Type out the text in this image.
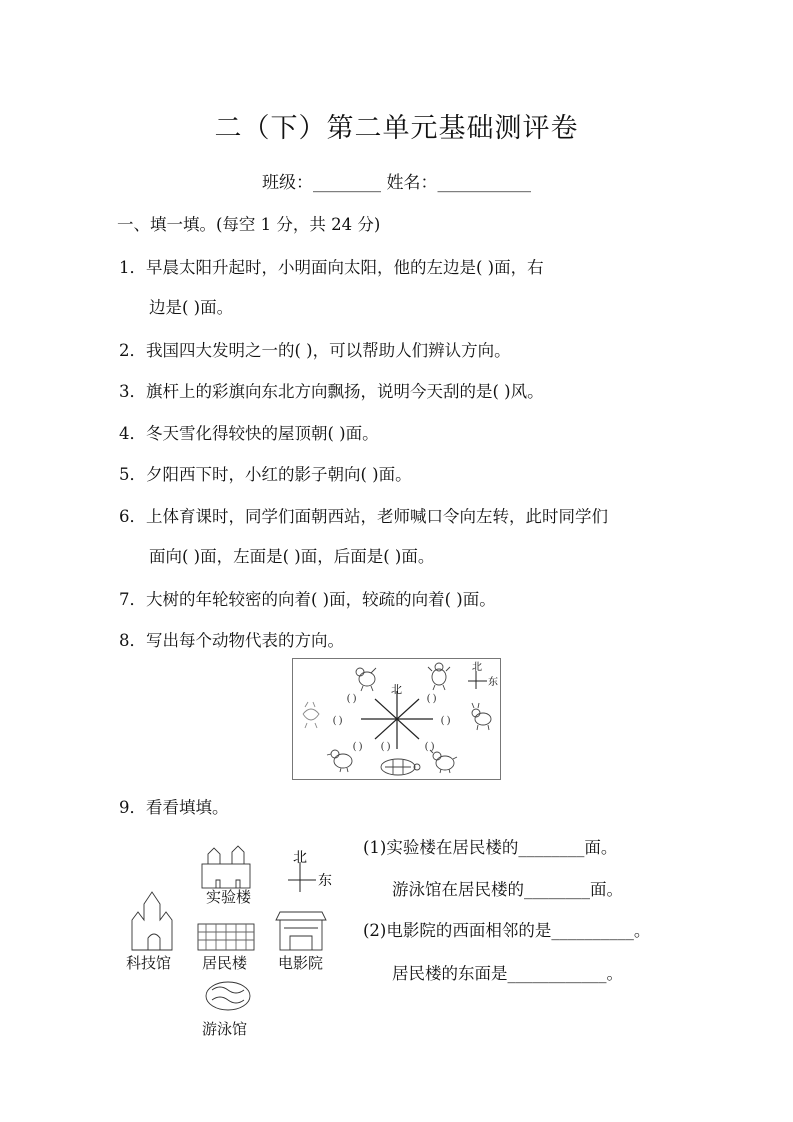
二（下）第二单元基础测评卷
班级：________ 姓名：___________
一、填一填。(每空 1 分，共 24 分)
1．早晨太阳升起时，小明面向太阳，他的左边是( )面，右
边是( )面。
2．我国四大发明之一的( )，可以帮助人们辨认方向。
3．旗杆上的彩旗向东北方向飘扬，说明今天刮的是( )风。
4．冬天雪化得较快的屋顶朝( )面。
5．夕阳西下时，小红的影子朝向( )面。
6．上体育课时，同学们面朝西站，老师喊口令向左转，此时同学们
面向( )面，左面是( )面，后面是( )面。
7．大树的年轮较密的向着( )面，较疏的向着( )面。
8．写出每个动物代表的方向。
北
北
东
( )	( )
( )	( )
( ) ( )	( )
9．看看填填。
北
东
实验楼
科技馆 居民楼 电影院
游泳馆
(1)实验楼在居民楼的________面。
游泳馆在居民楼的________面。
(2)电影院的西面相邻的是__________。
居民楼的东面是____________。
